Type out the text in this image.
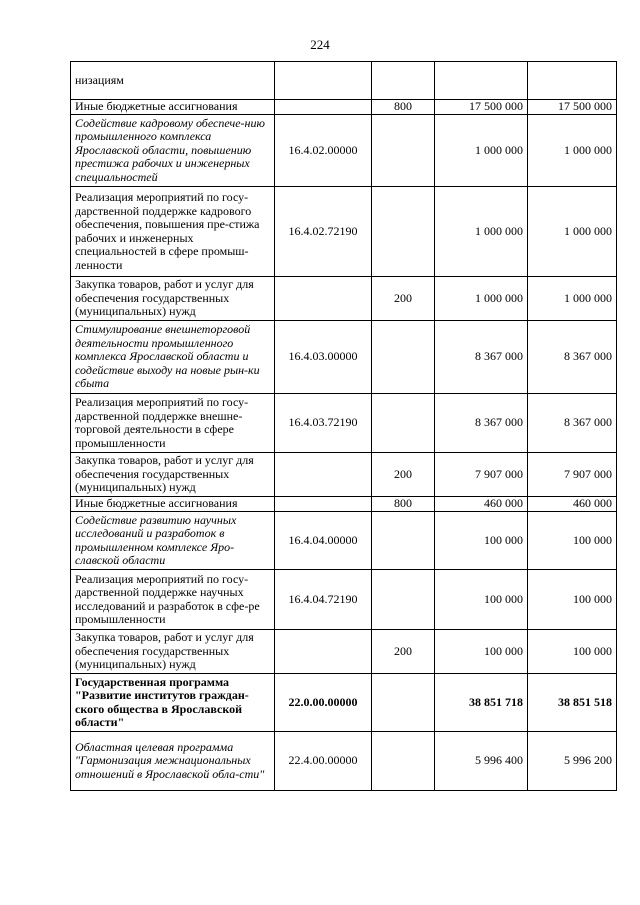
224
низациям				
Иные бюджетные ассигнования		800	17 500 000	17 500 000
Содействие кадровому обеспече-нию промышленного комплекса Ярославской области, повышению престижа рабочих и инженерных специальностей	16.4.02.00000		1 000 000	1 000 000
Реализация мероприятий по госу-дарственной поддержке кадрового обеспечения, повышения пре-стижа рабочих и инженерных специальностей в сфере промыш-ленности	16.4.02.72190		1 000 000	1 000 000
Закупка товаров, работ и услуг для обеспечения государственных (муниципальных) нужд		200	1 000 000	1 000 000
Стимулирование внешнеторговой деятельности промышленного комплекса Ярославской области и содействие выходу на новые рын-ки сбыта	16.4.03.00000		8 367 000	8 367 000
Реализация мероприятий по госу-дарственной поддержке внешне-торговой деятельности в сфере промышленности	16.4.03.72190		8 367 000	8 367 000
Закупка товаров, работ и услуг для обеспечения государственных (муниципальных) нужд		200	7 907 000	7 907 000
Иные бюджетные ассигнования		800	460 000	460 000
Содействие развитию научных исследований и разработок в промышленном комплексе Яро-славской области	16.4.04.00000		100 000	100 000
Реализация мероприятий по госу-дарственной поддержке научных исследований и разработок в сфе-ре промышленности	16.4.04.72190		100 000	100 000
Закупка товаров, работ и услуг для обеспечения государственных (муниципальных) нужд		200	100 000	100 000
Государственная программа "Развитие институтов граждан-ского общества в Ярославской области"	22.0.00.00000		38 851 718	38 851 518
Областная целевая программа "Гармонизация межнациональных отношений в Ярославской обла-сти"	22.4.00.00000		5 996 400	5 996 200
